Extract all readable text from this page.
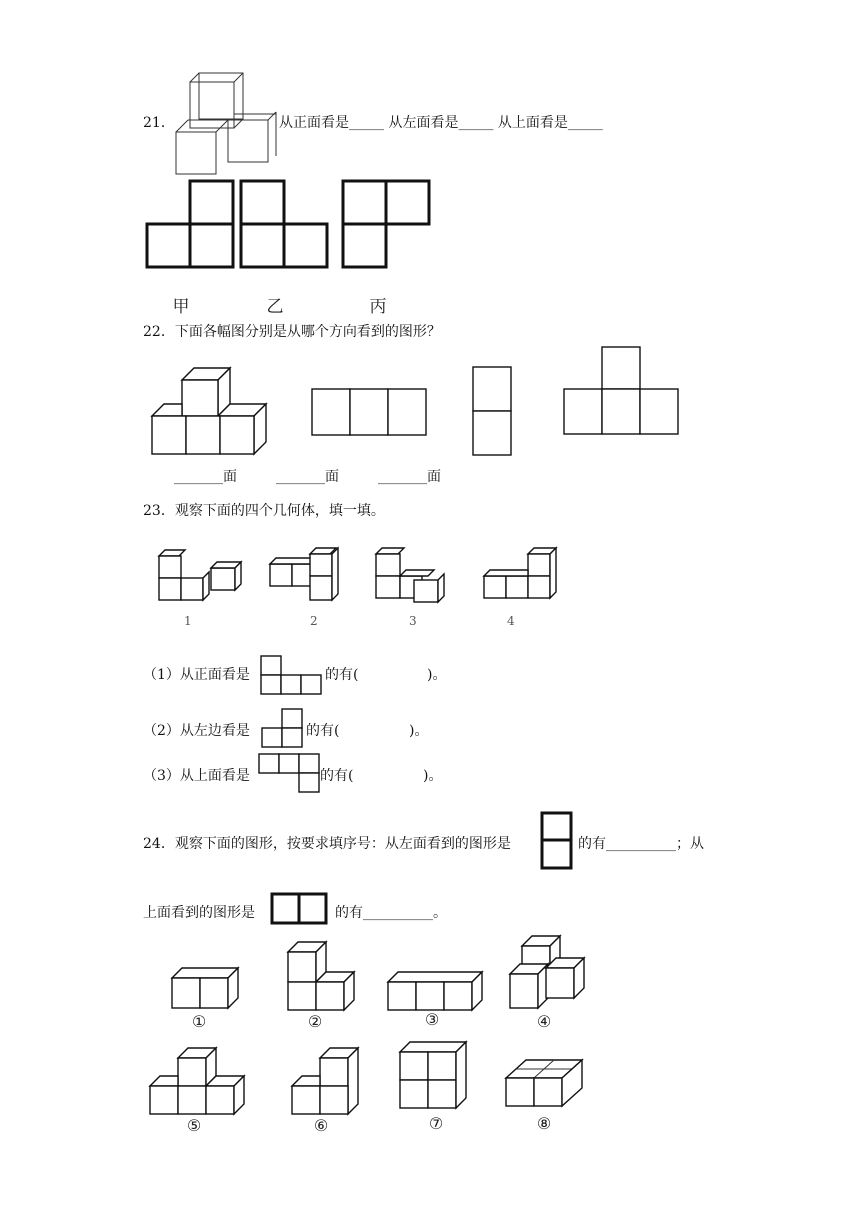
21．	从正面看是_____ 从左面看是_____ 从上面看是_____
甲	乙	丙
22．下面各幅图分别是从哪个方向看到的图形？
_______面	_______面	_______面
23．观察下面的四个几何体，填一填。
1	2	3	4
（1）从正面看是	的有(	)。
（2）从左边看是	的有(	)。
（3）从上面看是	的有(	)。
24．观察下面的图形，按要求填序号：从左面看到的图形是	的有__________；从
上面看到的图形是	的有__________。
①	②	③	④
⑤	⑥	⑦	⑧
